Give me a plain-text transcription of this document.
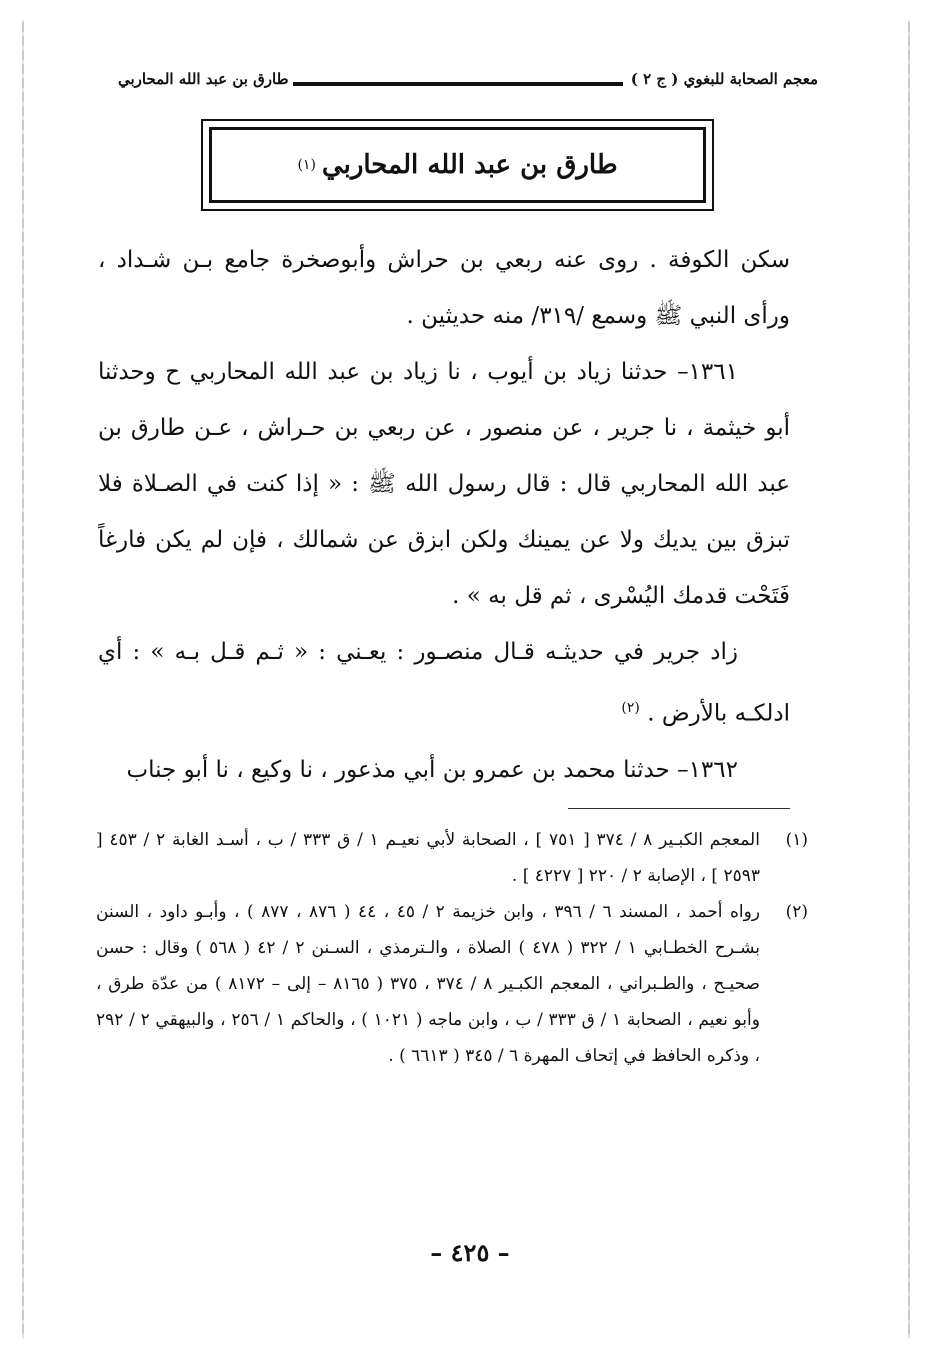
معجم الصحابة للبغوي ( ج ٢ )
طارق بن عبد الله المحاربي
طارق بن عبد الله المحاربي
(١)

سكن الكوفة . روى عنه ربعي بن حراش وأبوصخرة جامع بـن شـداد ، ورأى النبي ﷺ وسمع /٣١٩/ منه حديثين .

١٣٦١– حدثنا زياد بن أيوب ، نا زياد بن عبد الله المحاربي ح وحدثنا أبو خيثمة ، نا جرير ، عن منصور ، عن ربعي بن حـراش ، عـن طارق بن عبد الله المحاربي قال : قال رسول الله ﷺ : « إذا كنت في الصـلاة فلا تبزق بين يديك ولا عن يمينك ولكن ابزق عن شمالك ، فإن لم يكن فارغاً فَتَحْت قدمك اليُسْرى ، ثم قل به » .

زاد جرير في حديثـه قـال منصـور : يعـني : « ثـم قـل بـه » : أي ادلكـه بالأرض . $^{(٢)}$

١٣٦٢– حدثنا محمد بن عمرو بن أبي مذعور ، نا وكيع ، نا أبو جناب

(١)
المعجم الكبـير ٨ / ٣٧٤ [ ٧٥١ ] ، الصحابة لأبي نعيـم ١ / ق ٣٣٣ / ب ، أسـد الغابة ٢ / ٤٥٣ [ ٢٥٩٣ ] ، الإصابة ٢ / ٢٢٠ [ ٤٢٢٧ ] .
(٢)
رواه أحمد ، المسند ٦ / ٣٩٦ ، وابن خزيمة ٢ / ٤٥ ، ٤٤ ( ٨٧٦ ، ٨٧٧ ) ، وأبـو داود ، السنن بشـرح الخطـابي ١ / ٣٢٢ ( ٤٧٨ ) الصلاة ، والـترمذي ، السـنن ٢ / ٤٢ ( ٥٦٨ ) وقال : حسن صحيـح ، والطـبراني ، المعجم الكبـير ٨ / ٣٧٤ ، ٣٧٥ ( ٨١٦٥ – إلى – ٨١٧٢ ) من عدّة طرق ، وأبو نعيم ، الصحابة ١ / ق ٣٣٣ / ب ، وابن ماجه ( ١٠٢١ ) ، والحاكم ١ / ٢٥٦ ، والبيهقي ٢ / ٢٩٢ ، وذكره الحافظ في إتحاف المهرة ٦ / ٣٤٥ ( ٦٦١٣ ) .
– ٤٢٥ –
